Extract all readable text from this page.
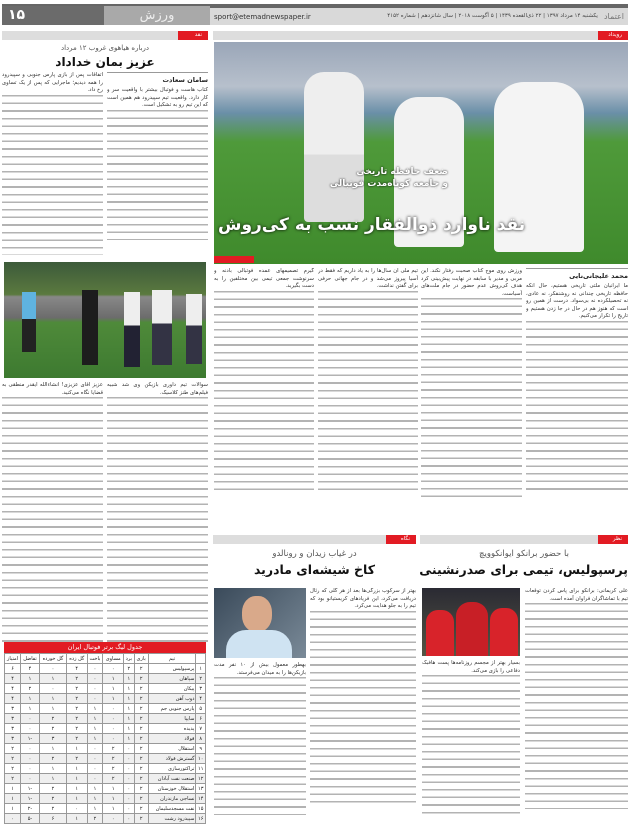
۱۵	ورزش	اعتماد
یکشنبه ۱۴ مرداد ۱۳۹۷ | ۲۲ ذی‌القعده ۱۴۳۹ | ۵ آگوست ۲۰۱۸ | سال شانزدهم | شماره ۴۱۵۲
sport@etemadnewspaper.ir
نقد
درباره هیاهوی غروب ۱۲ مرداد
عزیز بمان خداداد
سامان سعادت
کتاب هاست و فوتبال بیشتر با واقعیت سر و کار دارد. واقعیت تیم سپیدرود هم همین است که این تیم رو به تشکیل است.
اتفاقات پس از بازی پارس جنوبی و سپیدرود را همه دیدیم؛ ماجرایی که پس از یک تساوی رخ داد.
سوالات تیم داوری بازیکن وی شد شبیه فیلم‌های طنز کلاسیک.
عزیز آقای عزیزی! انشاءالله ایقدر منطقی به قضایا نگاه می‌کنید.
جدول لیگ برتر فوتبال ایران
	تیم	بازی	برد	مساوی	باخت	گل زده	گل خورده	تفاضل	امتیاز
۱	پرسپولیس	۲	۲	۰	۰	۴	۰	۴	۶
۲	سپاهان	۲	۱	۱	۰	۲	۱	۱	۴
۳	پیکان	۲	۱	۱	۰	۲	۰	۲	۴
۴	ذوب آهن	۲	۱	۱	۰	۲	۱	۱	۴
۵	پارس جنوبی جم	۲	۱	۰	۱	۲	۱	۱	۳
۶	سایپا	۲	۱	۰	۱	۲	۲	۰	۳
۷	پدیده	۲	۱	۰	۱	۲	۲	۰	۳
۸	فولاد	۲	۱	۰	۱	۲	۳	-۱	۳
۹	استقلال	۲	۰	۲	۰	۱	۱	۰	۲
۱۰	گسترش فولاد	۲	۰	۲	۰	۲	۲	۰	۲
۱۱	تراکتورسازی	۲	۰	۲	۰	۱	۱	۰	۲
۱۲	صنعت نفت آبادان	۲	۰	۲	۰	۱	۱	۰	۲
۱۳	استقلال خوزستان	۲	۰	۱	۱	۱	۲	-۱	۱
۱۴	نساجی مازندران	۲	۰	۱	۱	۱	۲	-۱	۱
۱۵	نفت مسجدسلیمان	۲	۰	۱	۱	۰	۲	-۲	۱
۱۶	سپیدرود رشت	۲	۰	۰	۲	۱	۶	-۵	۰
رویداد
ضعف حافظه تاریخی
و جامعه کوتاه‌مدت فوتبالی
نقد ناوارد ذوالفقار نسب به کی‌روش
محمد علیجانی‌نایی
ما ایرانیان ملتی تاریخی هستیم، حال آنکه حافظه تاریخی چندانی نه روشنفکر، نه عادی، نه تحصیلکرده نه بی‌سواد. درست از همین رو است که هنوز هم در حال در جا زدن هستیم و تاریخ را تکرار می‌کنیم.
ورزش روی موج کتاب صحبت رفتار نکند. این مربی و مدیر با سابقه در نهایت پیش‌بینی کرد هدف کی‌روش عدم حضور در جام ملت‌های آسیاست.
تیم ملی آن سال‌ها را به یاد داریم که فقط در آسیا پیروز می‌شد و در جام جهانی حرفی برای گفتن نداشت.
گیرم تصمیمهای عمده فوتبالی بادنه و سرنوشت جمعی تیمی بین مختلفین را به دست بگیرید.
نگاه
در غیاب زیدان و رونالدو
کاخ شیشه‌ای مادرید
بهتر از سرکوب بزرگی‌ها بعد از هر گلی که رئال دریافت می‌کرد، این فریادهای کریستیانو بود که تیم را به جلو هدایت می‌کرد.
بهطور معمول بیش از ۱۰ نفر مدت بازیکن‌ها را به میدان می‌فرستد.
نظر
با حضور برانکو ایوانکوویچ
پرسپولیس، تیمی برای صدرنشینی
علی کریمانی: برانکو برای پاس کردن توقعات تیم با تماشاگران فراوان آمده است.
بسیار بهتر از مجسم روزنامه‌ها پست هافبک دفاعی را بازی می‌کند.
